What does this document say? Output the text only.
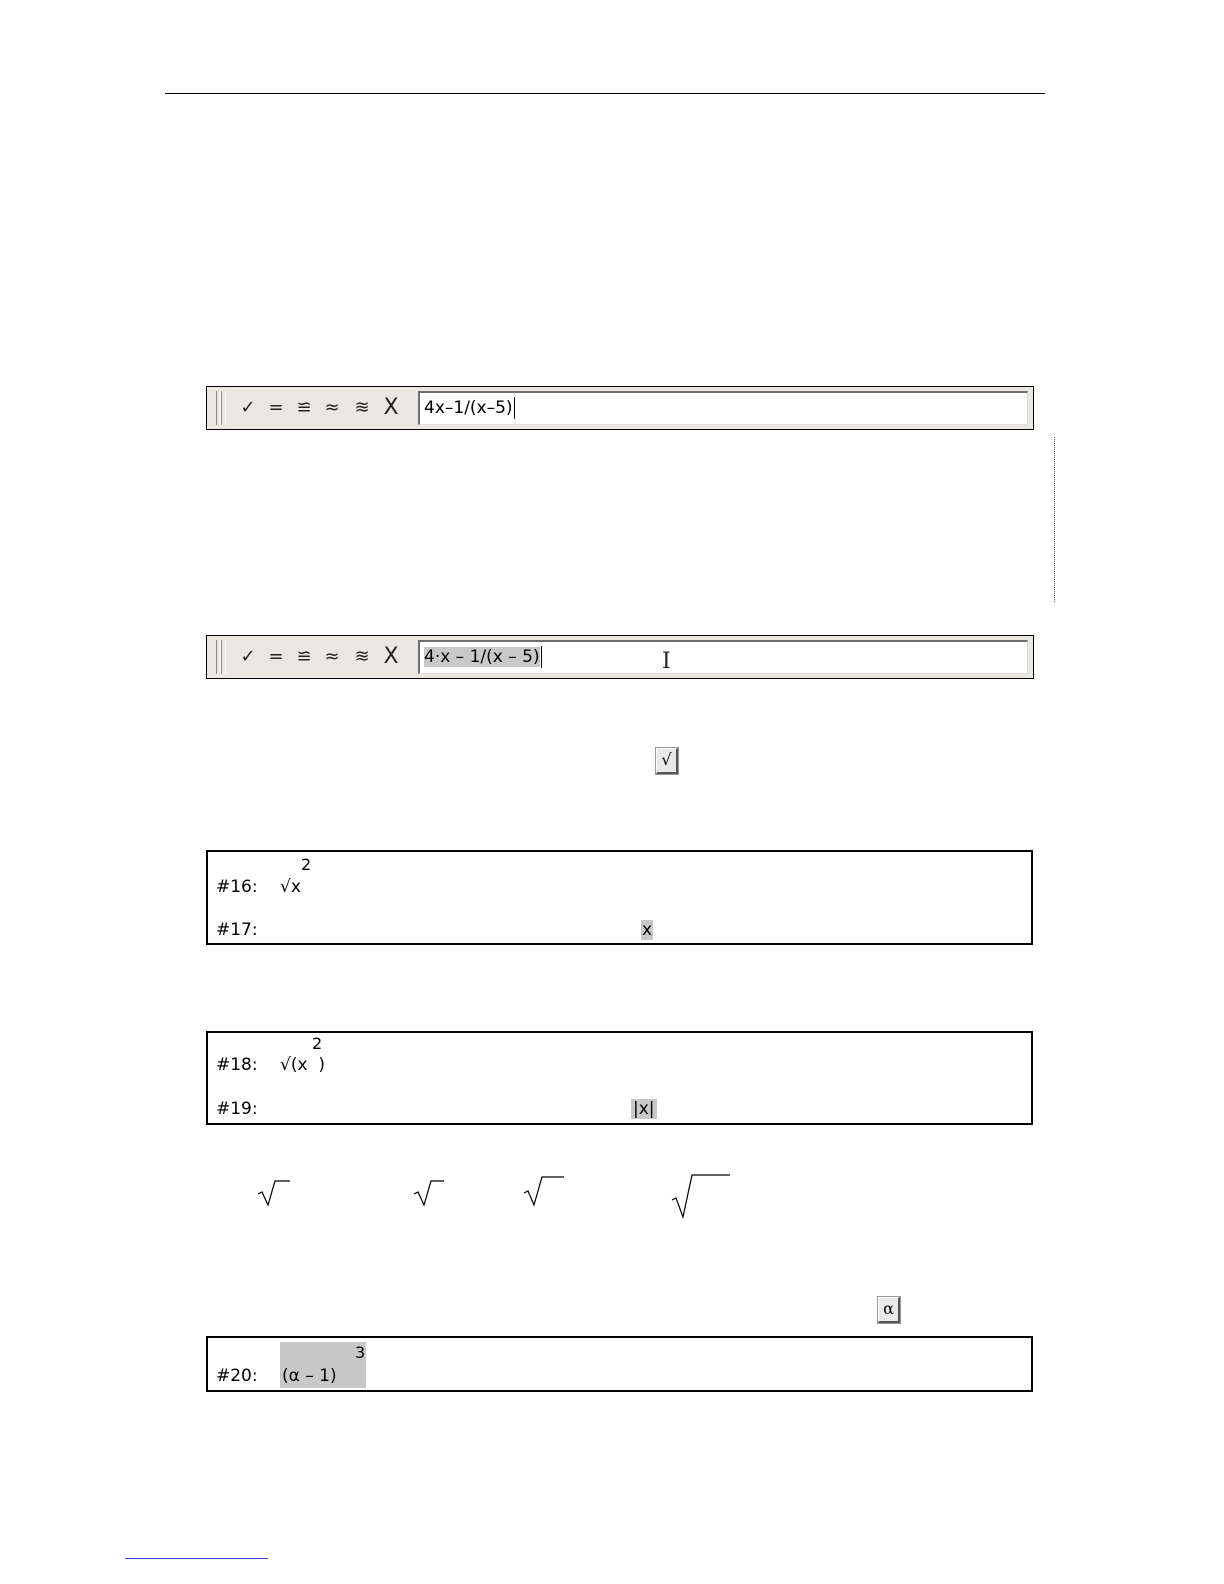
✓ = ≌ ≈ ≋ X	4x–1/(x–5)
✓ = ≌ ≈ ≋ X	4·x – 1/(x – 5)	I
√
#16: √x
2
#17:	x
#18: √(x  )
2
#19:	|x|
α
#20: (α – 1)
3
